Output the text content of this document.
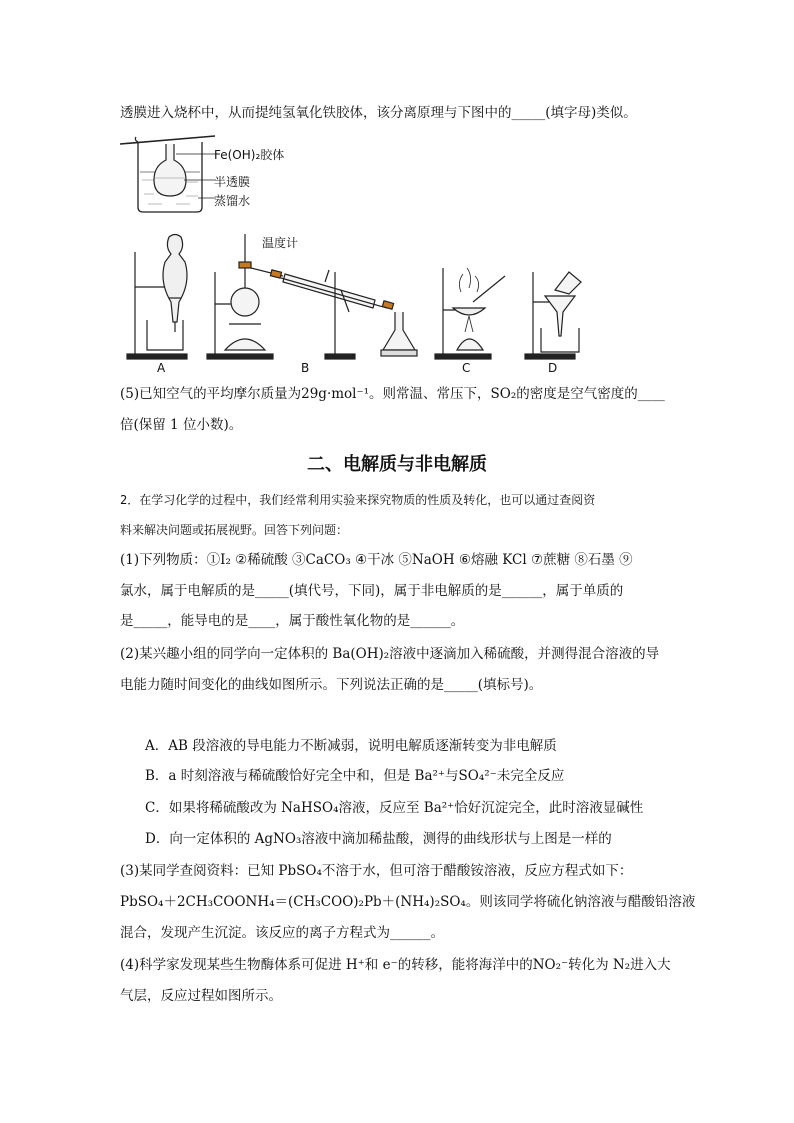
透膜进入烧杯中，从而提纯氢氧化铁胶体，该分离原理与下图中的_____(填字母)类似。
Fe(OH)₂胶体
半透膜
蒸馏水
温度计
A	B	C	D
(5)已知空气的平均摩尔质量为29g·mol⁻¹。则常温、常压下，SO₂的密度是空气密度的____
倍(保留 1 位小数)。
二、电解质与非电解质
2．在学习化学的过程中，我们经常利用实验来探究物质的性质及转化，也可以通过查阅资
料来解决问题或拓展视野。回答下列问题：
(1)下列物质：①I₂ ②稀硫酸 ③CaCO₃ ④干冰 ⑤NaOH ⑥熔融 KCl ⑦蔗糖 ⑧石墨 ⑨
氯水，属于电解质的是_____(填代号，下同)，属于非电解质的是______，属于单质的
是_____，能导电的是____，属于酸性氧化物的是______。
(2)某兴趣小组的同学向一定体积的 Ba(OH)₂溶液中逐滴加入稀硫酸，并测得混合溶液的导
电能力随时间变化的曲线如图所示。下列说法正确的是_____(填标号)。
A．AB 段溶液的导电能力不断减弱，说明电解质逐渐转变为非电解质
B．a 时刻溶液与稀硫酸恰好完全中和，但是 Ba²⁺与SO₄²⁻未完全反应
C．如果将稀硫酸改为 NaHSO₄溶液，反应至 Ba²⁺恰好沉淀完全，此时溶液显碱性
D．向一定体积的 AgNO₃溶液中滴加稀盐酸，测得的曲线形状与上图是一样的
(3)某同学查阅资料：已知 PbSO₄不溶于水，但可溶于醋酸铵溶液，反应方程式如下：
PbSO₄＋2CH₃COONH₄＝(CH₃COO)₂Pb＋(NH₄)₂SO₄。则该同学将硫化钠溶液与醋酸铅溶液
混合，发现产生沉淀。该反应的离子方程式为______。
(4)科学家发现某些生物酶体系可促进 H⁺和 e⁻的转移，能将海洋中的NO₂⁻转化为 N₂进入大
气层，反应过程如图所示。
